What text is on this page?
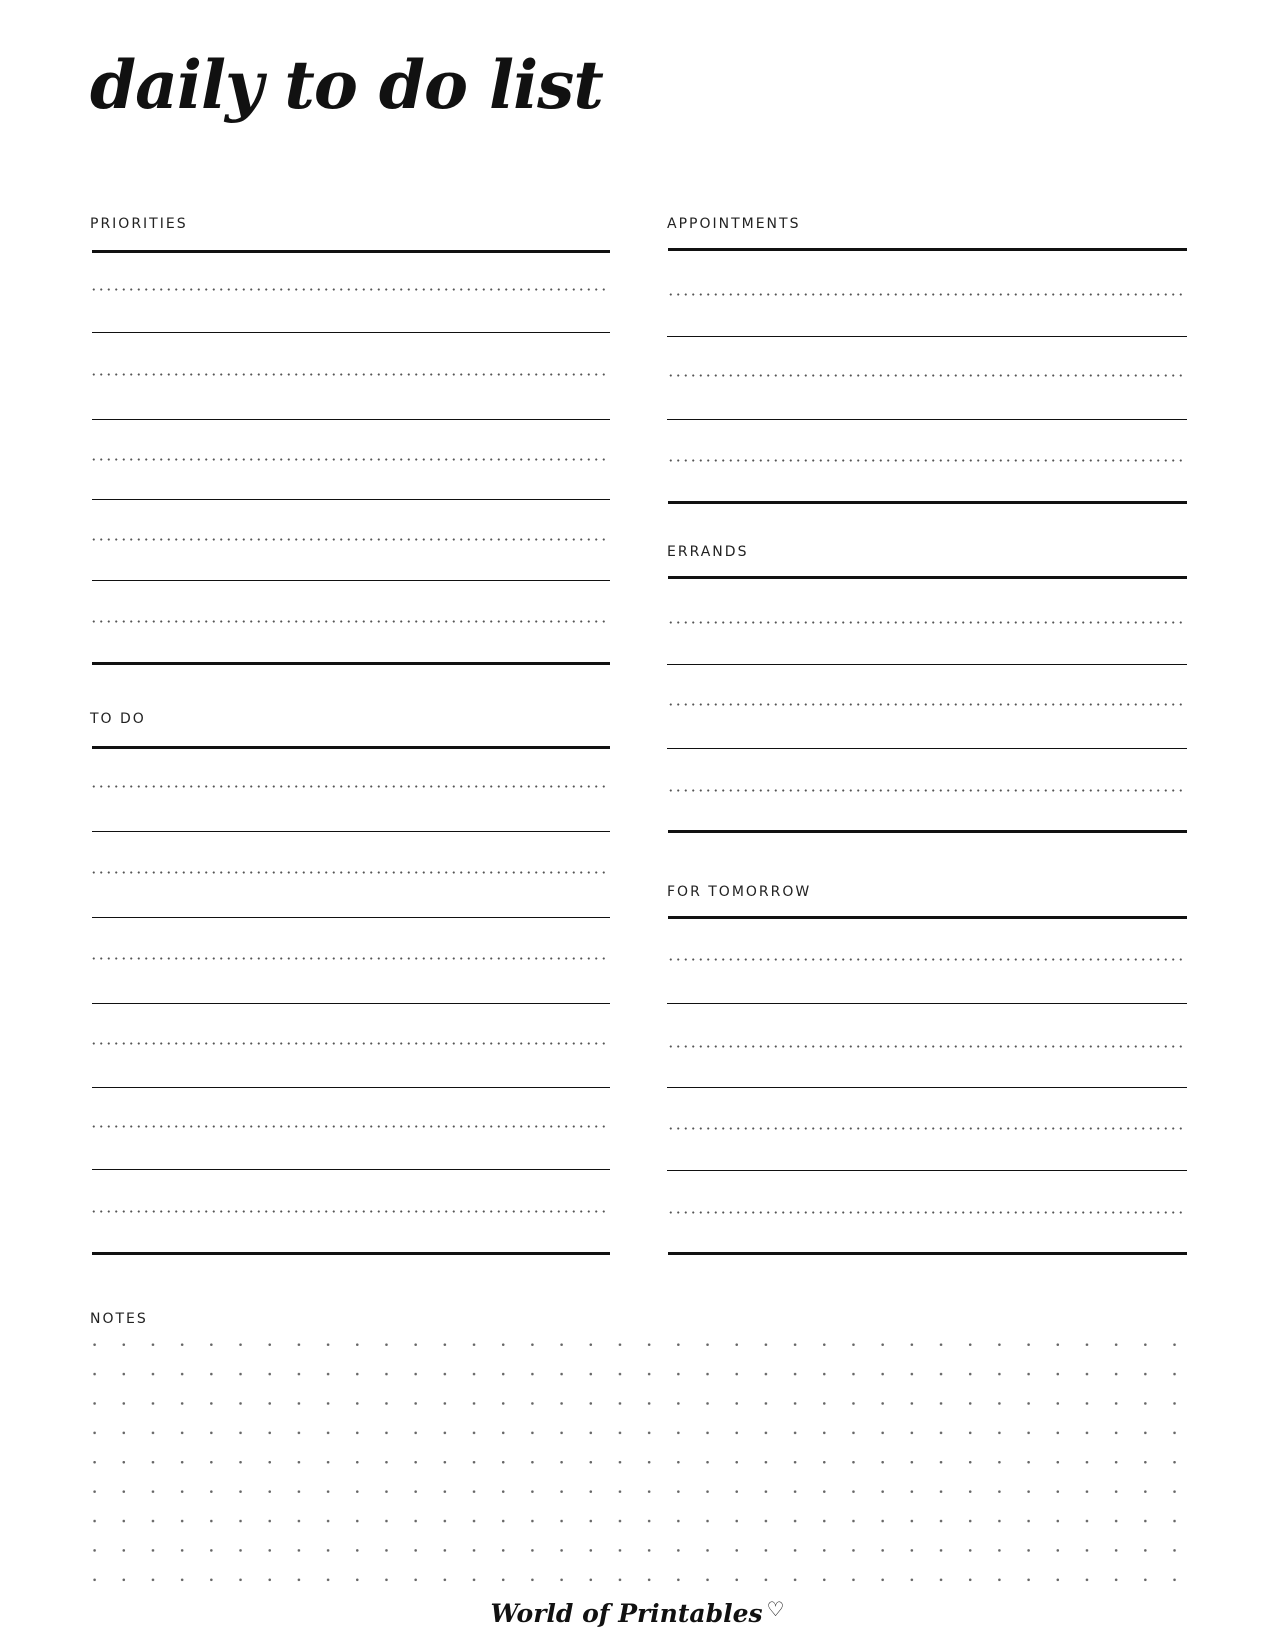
daily to do list
PRIORITIES	APPOINTMENTS
ERRANDS
TO DO
FOR TOMORROW
NOTES
World of Printables ♡
